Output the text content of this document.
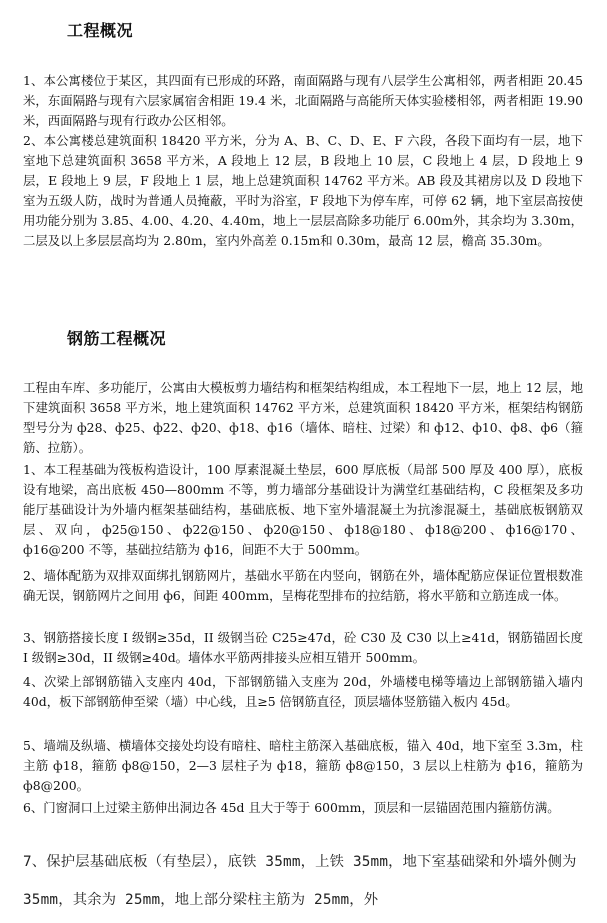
工程概况

1、本公寓楼位于某区，其四面有已形成的环路，南面隔路与现有八层学生公寓相邻，两者相距 20.45 米，东面隔路与现有六层家属宿舍相距 19.4 米，北面隔路与高能所天体实验楼相邻，两者相距 19.90 米，西面隔路与现有行政办公区相邻。

2、本公寓楼总建筑面积 18420 平方米，分为 A、B、C、D、E、F 六段，各段下面均有一层，地下室地下总建筑面积 3658 平方米，A 段地上 12 层，B 段地上 10 层，C 段地上 4 层，D 段地上 9 层，E 段地上 9 层，F 段地上 1 层，地上总建筑面积 14762 平方米。AB 段及其裙房以及 D 段地下室为五级人防，战时为普通人员掩蔽，平时为浴室，F 段地下为停车库，可停 62 辆，地下室层高按使用功能分别为 3.85、4.00、4.20、4.40m，地上一层层高除多功能厅 6.00m外，其余均为 3.30m，二层及以上多层层高均为 2.80m，室内外高差 0.15m和 0.30m，最高 12 层，檐高 35.30m。

钢筋工程概况

工程由车库、多功能厅，公寓由大模板剪力墙结构和框架结构组成，本工程地下一层，地上 12 层，地下建筑面积 3658 平方米，地上建筑面积 14762 平方米，总建筑面积 18420 平方米，框架结构钢筋型号分为 ф28、ф25、ф22、ф20、ф18、ф16（墙体、暗柱、过梁）和 ф12、ф10、ф8、ф6（箍筋、拉筋）。

1、本工程基础为筏板构造设计，100 厚素混凝土垫层，600 厚底板（局部 500 厚及 400 厚），底板设有地梁，高出底板 450—800mm 不等，剪力墙部分基础设计为满堂红基础结构，C 段框架及多功能厅基础设计为外墙内框架基础结构，基础底板、地下室外墙混凝土为抗渗混凝土，基础底板钢筋双层、双向，ф25@150、ф22@150、ф20@150、ф18@180、ф18@200、ф16@170、ф16@200 不等，基础拉结筋为 ф16，间距不大于 500mm。

2、墙体配筋为双排双面绑扎钢筋网片，基础水平筋在内竖向，钢筋在外，墙体配筋应保证位置根数准确无误，钢筋网片之间用 ф6，间距 400mm，呈梅花型排布的拉结筋，将水平筋和立筋连成一体。

3、钢筋搭接长度 I 级钢≥35d，II 级钢当砼 C25≥47d，砼 C30 及 C30 以上≥41d，钢筋锚固长度 I 级钢≥30d，II 级钢≥40d。墙体水平筋两排接头应相互错开 500mm。

4、次梁上部钢筋锚入支座内 40d，下部钢筋锚入支座为 20d，外墙楼电梯等墙边上部钢筋锚入墙内 40d，板下部钢筋伸至梁（墙）中心线，且≥5 倍钢筋直径，顶层墙体竖筋锚入板内 45d。

5、墙端及纵墙、横墙体交接处均设有暗柱、暗柱主筋深入基础底板，锚入 40d，地下室至 3.3m，柱主筋 ф18，箍筋 ф8@150，2—3 层柱子为 ф18，箍筋 ф8@150，3 层以上柱筋为 ф16，箍筋为 ф8@200。

6、门窗洞口上过梁主筋伸出洞边各 45d 且大于等于 600mm，顶层和一层锚固范围内箍筋仿满。

7、保护层基础底板（有垫层），底铁 35mm，上铁 35mm，地下室基础梁和外墙外侧为 35mm，其余为 25mm，地上部分梁柱主筋为 25mm，外
